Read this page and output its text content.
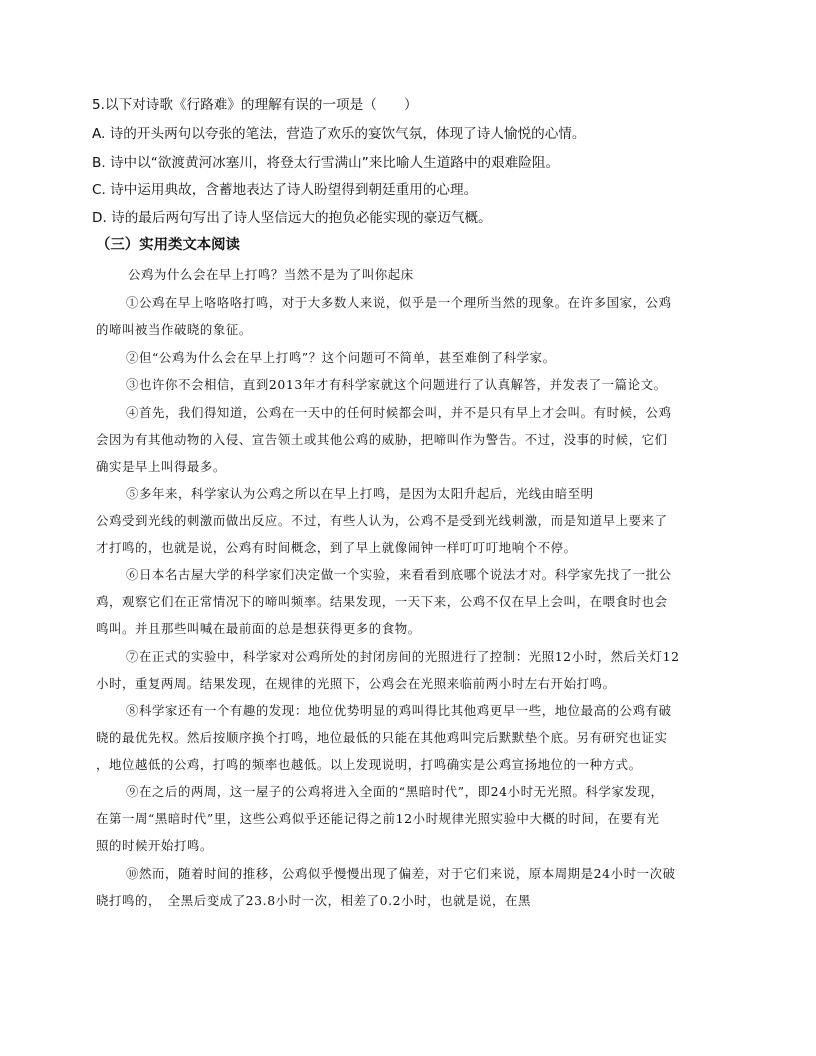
5.以下对诗歌《行路难》的理解有误的一项是（　　）
A. 诗的开头两句以夸张的笔法，营造了欢乐的宴饮气氛，体现了诗人愉悦的心情。
B. 诗中以“欲渡黄河冰塞川，将登太行雪满山”来比喻人生道路中的艰难险阻。
C. 诗中运用典故，含蓄地表达了诗人盼望得到朝廷重用的心理。
D. 诗的最后两句写出了诗人坚信远大的抱负必能实现的豪迈气概。
（三）实用类文本阅读
公鸡为什么会在早上打鸣？当然不是为了叫你起床
①公鸡在早上咯咯咯打鸣，对于大多数人来说，似乎是一个理所当然的现象。在许多国家，公鸡
的啼叫被当作破晓的象征。
②但“公鸡为什么会在早上打鸣”？这个问题可不简单，甚至难倒了科学家。
③也许你不会相信，直到2013年才有科学家就这个问题进行了认真解答，并发表了一篇论文。
④首先，我们得知道，公鸡在一天中的任何时候都会叫，并不是只有早上才会叫。有时候，公鸡
会因为有其他动物的入侵、宣告领土或其他公鸡的威胁，把啼叫作为警告。不过，没事的时候，它们
确实是早上叫得最多。
⑤多年来，科学家认为公鸡之所以在早上打鸣，是因为太阳升起后，光线由暗至明
公鸡受到光线的刺激而做出反应。不过，有些人认为，公鸡不是受到光线刺激，而是知道早上要来了
才打鸣的，也就是说，公鸡有时间概念，到了早上就像闹钟一样叮叮叮地响个不停。
⑥日本名古屋大学的科学家们决定做一个实验，来看看到底哪个说法才对。科学家先找了一批公
鸡，观察它们在正常情况下的啼叫频率。结果发现，一天下来，公鸡不仅在早上会叫，在喂食时也会
鸣叫。并且那些叫喊在最前面的总是想获得更多的食物。
⑦在正式的实验中，科学家对公鸡所处的封闭房间的光照进行了控制：光照12小时，然后关灯12
小时，重复两周。结果发现，在规律的光照下，公鸡会在光照来临前两小时左右开始打鸣。
⑧科学家还有一个有趣的发现：地位优势明显的鸡叫得比其他鸡更早一些，地位最高的公鸡有破
晓的最优先权。然后按顺序换个打鸣，地位最低的只能在其他鸡叫完后默默垫个底。另有研究也证实
，地位越低的公鸡，打鸣的频率也越低。以上发现说明，打鸣确实是公鸡宣扬地位的一种方式。
⑨在之后的两周，这一屋子的公鸡将进入全面的“黑暗时代”，即24小时无光照。科学家发现，
在第一周“黑暗时代”里，这些公鸡似乎还能记得之前12小时规律光照实验中大概的时间，在要有光
照的时候开始打鸣。
⑩然而，随着时间的推移，公鸡似乎慢慢出现了偏差，对于它们来说，原本周期是24小时一次破
晓打鸣的，　全黑后变成了23.8小时一次，相差了0.2小时，也就是说，在黑
